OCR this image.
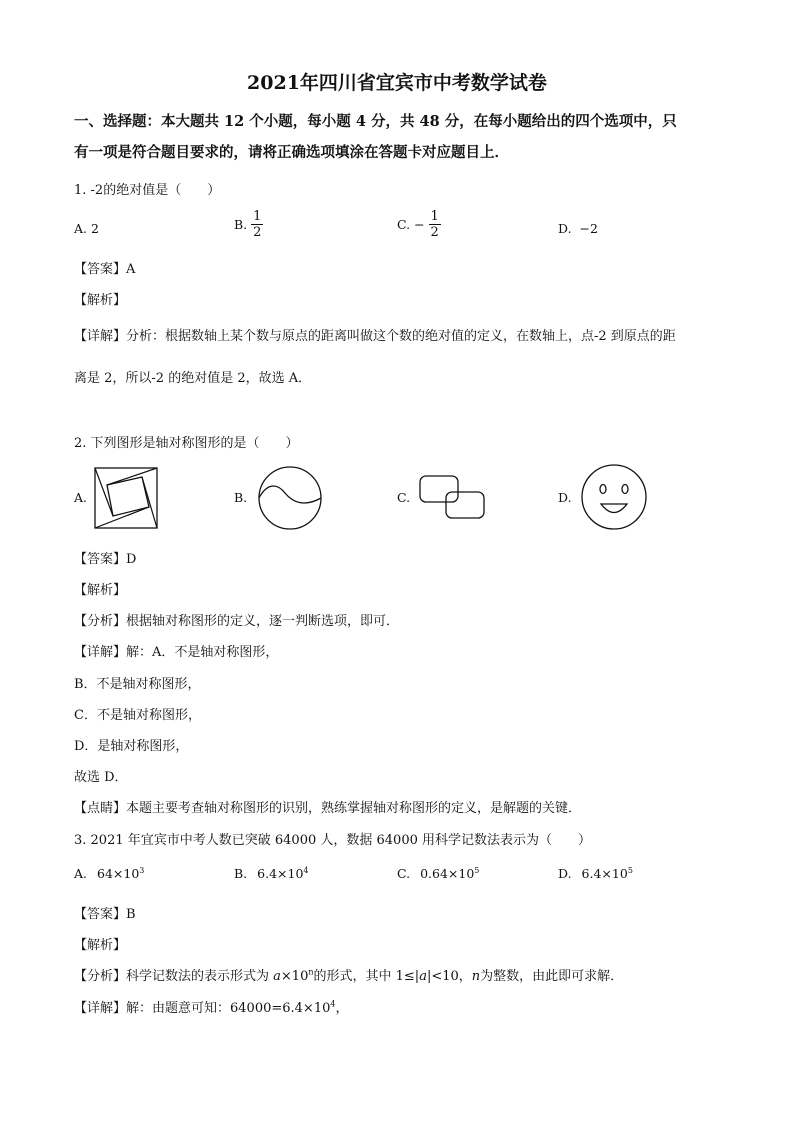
2021年四川省宜宾市中考数学试卷
一、选择题：本大题共 12 个小题，每小题 4 分，共 48 分，在每小题给出的四个选项中，只
有一项是符合题目要求的，请将正确选项填涂在答题卡对应题目上．
1. -2的绝对值是（　　）
A. 2	B. $\frac{1}{2}$	C. − $\frac{1}{2}$	D. −2
【答案】A
【解析】
【详解】分析：根据数轴上某个数与原点的距离叫做这个数的绝对值的定义，在数轴上，点-2 到原点的距
离是 2，所以-2 的绝对值是 2，故选 A．
2. 下列图形是轴对称图形的是（　　）
A.	B.	C.	D.
【答案】D
【解析】
【分析】根据轴对称图形的定义，逐一判断选项，即可．
【详解】解：A．不是轴对称图形，
B．不是轴对称图形，
C．不是轴对称图形，
D．是轴对称图形，
故选 D．
【点睛】本题主要考查轴对称图形的识别，熟练掌握轴对称图形的定义，是解题的关键．
3. 2021 年宜宾市中考人数已突破 64000 人，数据 64000 用科学记数法表示为（　　）
A. $64\times 10^3$	B. $6.4\times 10^4$	C. $0.64\times 10^5$	D. $6.4\times 10^5$
【答案】B
【解析】
【分析】科学记数法的表示形式为 $a\times 10^n$的形式，其中 1≤|a|<10，n为整数，由此即可求解．
【详解】解：由题意可知：$64000=6.4\times 10^4$，
